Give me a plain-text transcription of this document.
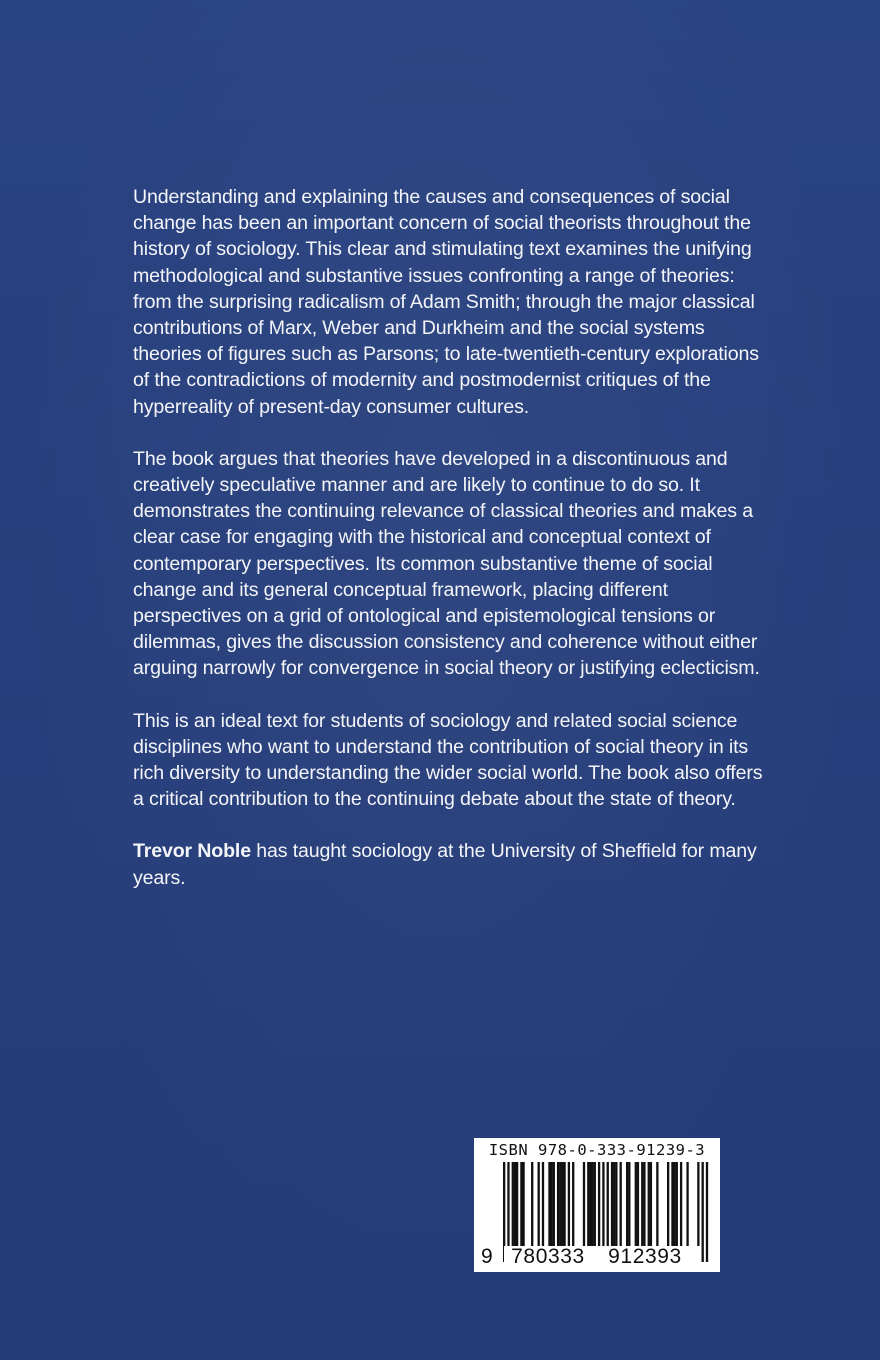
Understanding and explaining the causes and consequences of social change has been an important concern of social theorists throughout the history of sociology. This clear and stimulating text examines the unifying methodological and substantive issues confronting a range of theories: from the surprising radicalism of Adam Smith; through the major classical contributions of Marx, Weber and Durkheim and the social systems theories of figures such as Parsons; to late-twentieth-century explorations of the contradictions of modernity and postmodernist critiques of the hyperreality of present-day consumer cultures.

The book argues that theories have developed in a discontinuous and creatively speculative manner and are likely to continue to do so. It demonstrates the continuing relevance of classical theories and makes a clear case for engaging with the historical and conceptual context of contemporary perspectives. Its common substantive theme of social change and its general conceptual framework, placing different perspectives on a grid of ontological and epistemological tensions or dilemmas, gives the discussion consistency and coherence without either arguing narrowly for convergence in social theory or justifying eclecticism.

This is an ideal text for students of sociology and related social science disciplines who want to understand the contribution of social theory in its rich diversity to understanding the wider social world. The book also offers a critical contribution to the continuing debate about the state of theory.

Trevor Noble has taught sociology at the University of Sheffield for many years.

ISBN 978-0-333-91239-3
9 780333	912393
